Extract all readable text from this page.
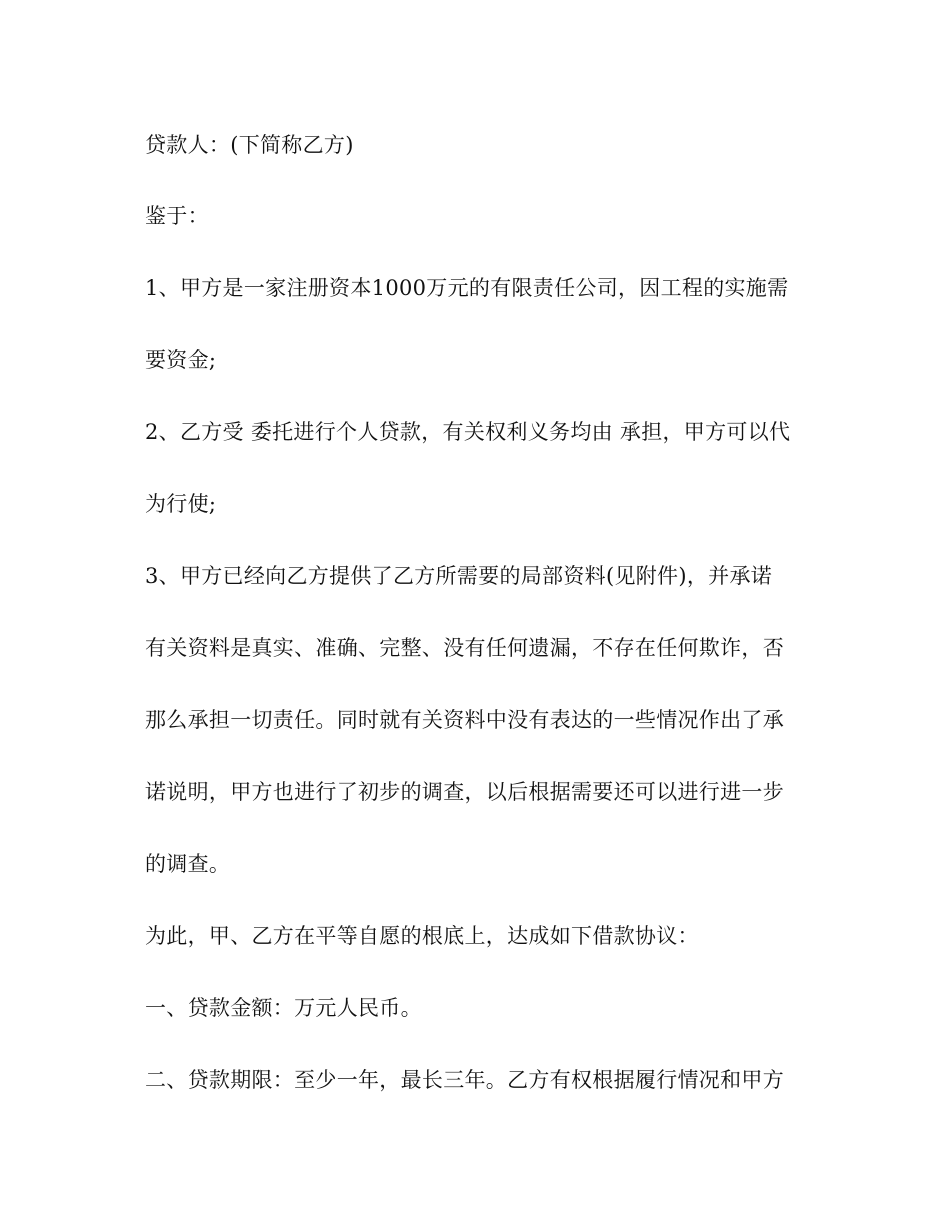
贷款人：(下简称乙方)
鉴于：
1、甲方是一家注册资本1000万元的有限责任公司，因工程的实施需
要资金;
2、乙方受 委托进行个人贷款，有关权利义务均由 承担，甲方可以代
为行使;
3、甲方已经向乙方提供了乙方所需要的局部资料(见附件)，并承诺
有关资料是真实、准确、完整、没有任何遗漏，不存在任何欺诈，否
那么承担一切责任。同时就有关资料中没有表达的一些情况作出了承
诺说明，甲方也进行了初步的调查，以后根据需要还可以进行进一步
的调查。
为此，甲、乙方在平等自愿的根底上，达成如下借款协议：
一、贷款金额：万元人民币。
二、贷款期限：至少一年，最长三年。乙方有权根据履行情况和甲方
